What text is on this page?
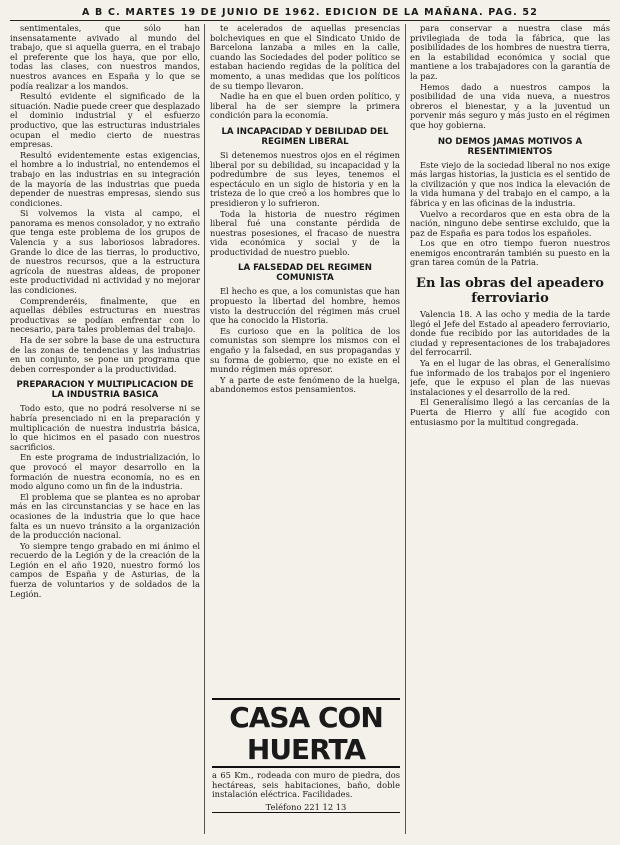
A B C. MARTES 19 DE JUNIO DE 1962. EDICION DE LA MAÑANA. PAG. 52

sentimentales, que sólo han insensatamente avivado al mundo del trabajo, que si aquella guerra, en el trabajo el preferente que los haya, que por ello, todas las clases, con nuestros mandos, nuestros avances en España y lo que se podía realizar a los mandos.

Resultó evidente el significado de la situación. Nadie puede creer que desplazado el dominio industrial y el esfuerzo productivo, que las estructuras industriales ocupan el medio cierto de nuestras empresas.

Resultó evidentemente estas exigencias, el hombre a lo industrial, no entendemos el trabajo en las industrias en su integración de la mayoría de las industrias que pueda depender de nuestras empresas, siendo sus condiciones.

Si volvemos la vista al campo, el panorama es menos consolador, y no extraño que tenga este problema de los grupos de Valencia y a sus laboriosos labradores. Grande lo dice de las tierras, lo productivo, de nuestros recursos, que a la estructura agrícola de nuestras aldeas, de proponer este productividad ni actividad y no mejorar las condiciones.

Comprenderéis, finalmente, que en aquellas débiles estructuras en nuestras productivas se podían enfrentar con lo necesario, para tales problemas del trabajo.

Ha de ser sobre la base de una estructura de las zonas de tendencias y las industrias en un conjunto, se pone un programa que deben corresponder a la productividad.

PREPARACION Y MULTIPLICACION DE LA INDUSTRIA BASICA

Todo esto, que no podrá resolverse ni se habría presenciado ni en la preparación y multiplicación de nuestra industria básica, lo que hicimos en el pasado con nuestros sacrificios.

En este programa de industrialización, lo que provocó el mayor desarrollo en la formación de nuestra economía, no es en modo alguno como un fin de la industria.

El problema que se plantea es no aprobar más en las circunstancias y se hace en las ocasiones de la industria que lo que hace falta es un nuevo tránsito a la organización de la producción nacional.

Yo siempre tengo grabado en mi ánimo el recuerdo de la Legión y de la creación de la Legión en el año 1920, nuestro formó los campos de España y de Asturias, de la fuerza de voluntarios y de soldados de la Legión.

te acelerados de aquellas presencias bolcheviques en que el Sindicato Unido de Barcelona lanzaba a miles en la calle, cuando las Sociedades del poder político se estaban haciendo regidas de la política del momento, a unas medidas que los políticos de su tiempo llevaron.

Nadie ha en que el buen orden político, y liberal ha de ser siempre la primera condición para la economía.

LA INCAPACIDAD Y DEBILIDAD DEL REGIMEN LIBERAL

Si detenemos nuestros ojos en el régimen liberal por su debilidad, su incapacidad y la podredumbre de sus leyes, tenemos el espectáculo en un siglo de historia y en la tristeza de lo que creó a los hombres que lo presidieron y lo sufrieron.

Toda la historia de nuestro régimen liberal fué una constante pérdida de nuestras posesiones, el fracaso de nuestra vida económica y social y de la productividad de nuestro pueblo.

LA FALSEDAD DEL REGIMEN COMUNISTA

El hecho es que, a los comunistas que han propuesto la libertad del hombre, hemos visto la destrucción del régimen más cruel que ha conocido la Historia.

Es curioso que en la política de los comunistas son siempre los mismos con el engaño y la falsedad, en sus propagandas y su forma de gobierno, que no existe en el mundo régimen más opresor.

Y a parte de este fenómeno de la huelga, abandonemos estos pensamientos.

CASA CON HUERTA
a 65 Km., rodeada con muro de piedra, dos hectáreas, seis habitaciones, baño, doble instalación eléctrica. Facilidades.
Teléfono 221 12 13

para conservar a nuestra clase más privilegiada de toda la fábrica, que las posibilidades de los hombres de nuestra tierra, en la estabilidad económica y social que mantiene a los trabajadores con la garantía de la paz.

Hemos dado a nuestros campos la posibilidad de una vida nueva, a nuestros obreros el bienestar, y a la juventud un porvenir más seguro y más justo en el régimen que hoy gobierna.

NO DEMOS JAMAS MOTIVOS A RESENTIMIENTOS

Este viejo de la sociedad liberal no nos exige más largas historias, la justicia es el sentido de la civilización y que nos indica la elevación de la vida humana y del trabajo en el campo, a la fábrica y en las oficinas de la industria.

Vuelvo a recordaros que en esta obra de la nación, ninguno debe sentirse excluido, que la paz de España es para todos los españoles.

Los que en otro tiempo fueron nuestros enemigos encontrarán también su puesto en la gran tarea común de la Patria.

En las obras del apeadero ferroviario

Valencia 18. A las ocho y media de la tarde llegó el Jefe del Estado al apeadero ferroviario, donde fue recibido por las autoridades de la ciudad y representaciones de los trabajadores del ferrocarril.

Ya en el lugar de las obras, el Generalísimo fue informado de los trabajos por el ingeniero jefe, que le expuso el plan de las nuevas instalaciones y el desarrollo de la red.

El Generalísimo llegó a las cercanías de la Puerta de Hierro y allí fue acogido con entusiasmo por la multitud congregada.
